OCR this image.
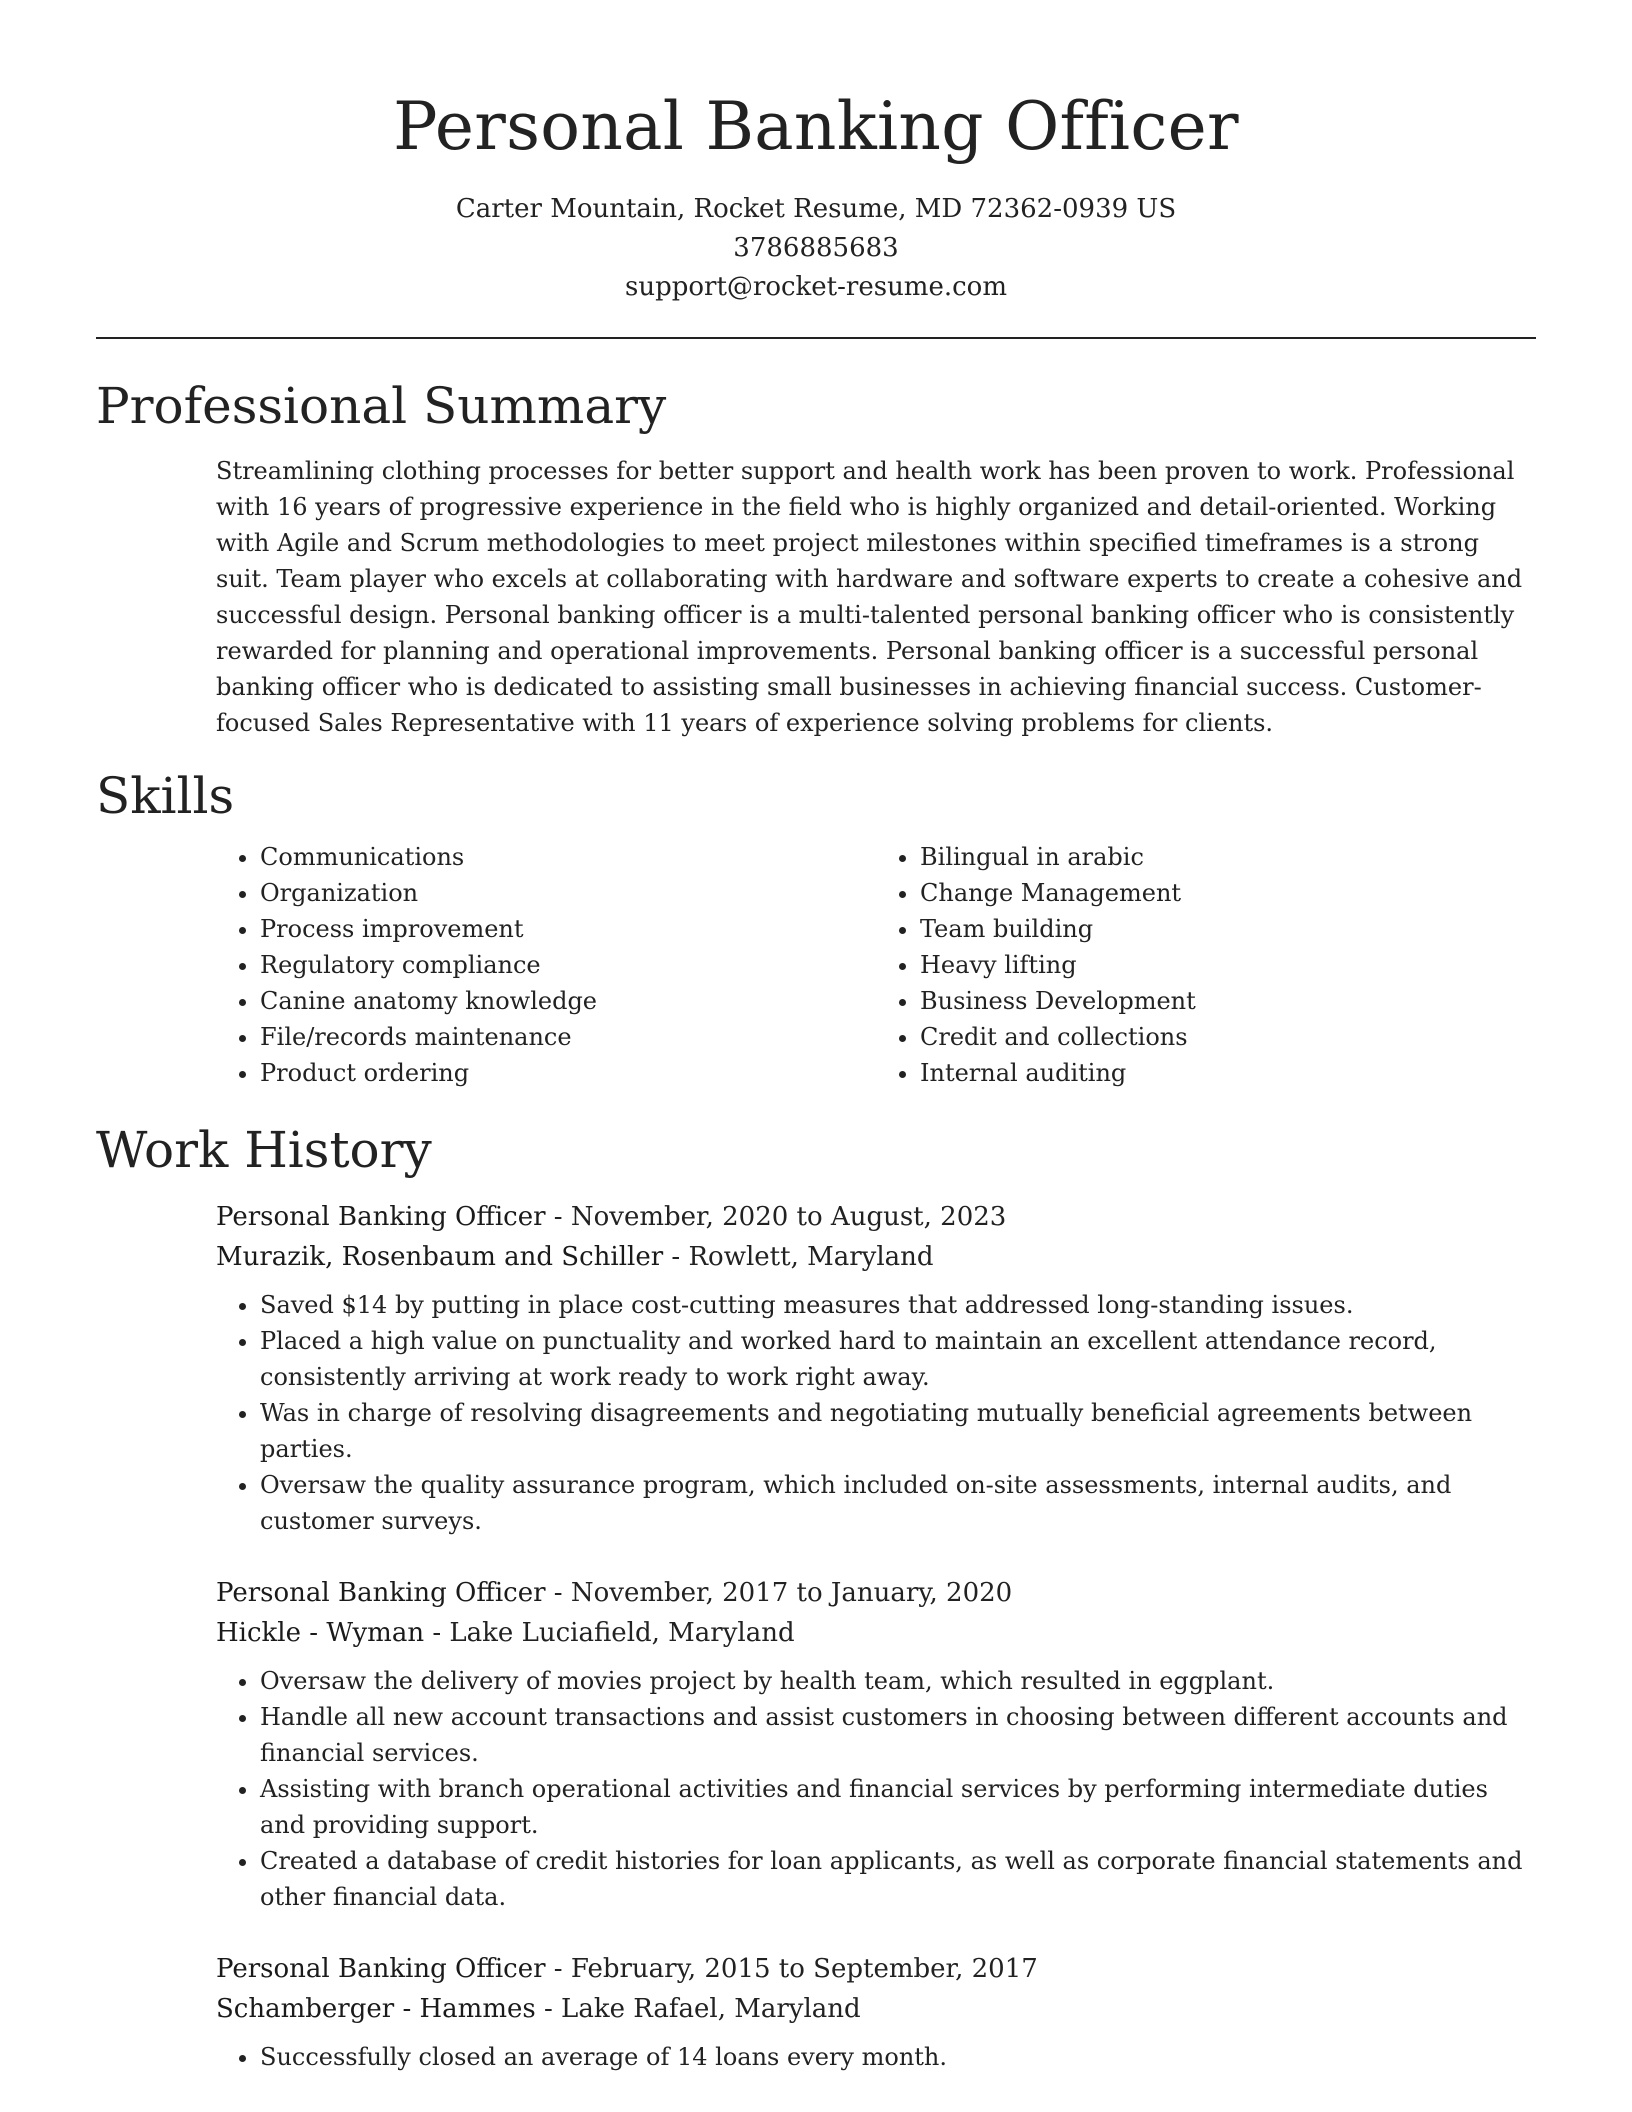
Personal Banking Officer
Carter Mountain, Rocket Resume, MD 72362-0939 US
3786885683
support@rocket-resume.com
Professional Summary

Streamlining clothing processes for better support and health work has been proven to work. Professional with 16 years of progressive experience in the field who is highly organized and detail-oriented. Working with Agile and Scrum methodologies to meet project milestones within specified timeframes is a strong suit. Team player who excels at collaborating with hardware and software experts to create a cohesive and successful design. Personal banking officer is a multi-talented personal banking officer who is consistently rewarded for planning and operational improvements. Personal banking officer is a successful personal banking officer who is dedicated to assisting small businesses in achieving financial success. Customer-focused Sales Representative with 11 years of experience solving problems for clients.

Skills
• Communications
• Organization
• Process improvement
• Regulatory compliance
• Canine anatomy knowledge
• File/records maintenance
• Product ordering
• Bilingual in arabic
• Change Management
• Team building
• Heavy lifting
• Business Development
• Credit and collections
• Internal auditing
Work History
Personal Banking Officer - November, 2020 to August, 2023
Murazik, Rosenbaum and Schiller - Rowlett, Maryland
• Saved $14 by putting in place cost-cutting measures that addressed long-standing issues.
• Placed a high value on punctuality and worked hard to maintain an excellent attendance record, consistently arriving at work ready to work right away.
• Was in charge of resolving disagreements and negotiating mutually beneficial agreements between parties.
• Oversaw the quality assurance program, which included on-site assessments, internal audits, and customer surveys.
Personal Banking Officer - November, 2017 to January, 2020
Hickle - Wyman - Lake Luciafield, Maryland
• Oversaw the delivery of movies project by health team, which resulted in eggplant.
• Handle all new account transactions and assist customers in choosing between different accounts and financial services.
• Assisting with branch operational activities and financial services by performing intermediate duties and providing support.
• Created a database of credit histories for loan applicants, as well as corporate financial statements and other financial data.
Personal Banking Officer - February, 2015 to September, 2017
Schamberger - Hammes - Lake Rafael, Maryland
• Successfully closed an average of 14 loans every month.
